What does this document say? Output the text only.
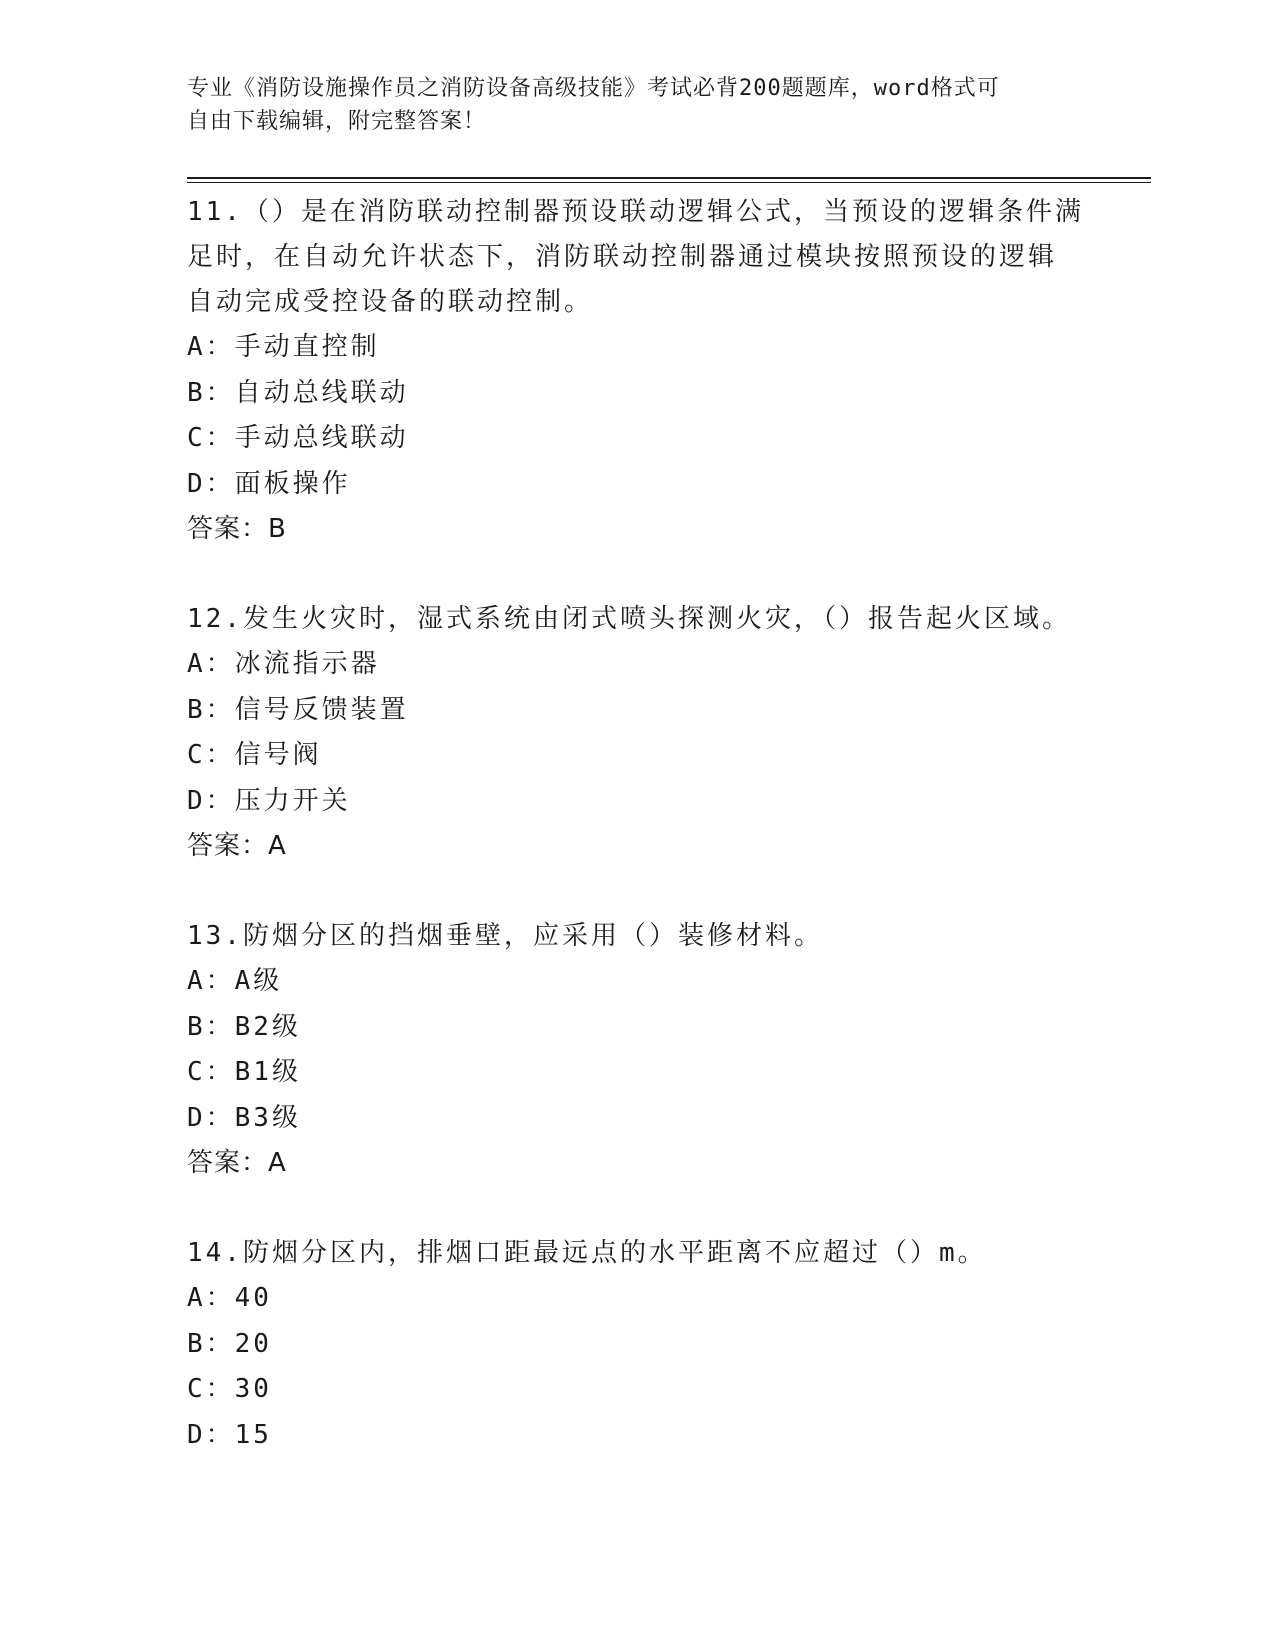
专业《消防设施操作员之消防设备高级技能》考试必背200题题库，word格式可
自由下载编辑，附完整答案！

11.（）是在消防联动控制器预设联动逻辑公式，当预设的逻辑条件满

足时，在自动允许状态下，消防联动控制器通过模块按照预设的逻辑

自动完成受控设备的联动控制。

A：手动直控制

B：自动总线联动

C：手动总线联动

D：面板操作

答案：B

12.发生火灾时，湿式系统由闭式喷头探测火灾，（）报告起火区域。

A：冰流指示器

B：信号反馈装置

C：信号阀

D：压力开关

答案：A

13.防烟分区的挡烟垂壁，应采用（）装修材料。

A：A级

B：B2级

C：B1级

D：B3级

答案：A

14.防烟分区内，排烟口距最远点的水平距离不应超过（）m。

A：40

B：20

C：30

D：15
